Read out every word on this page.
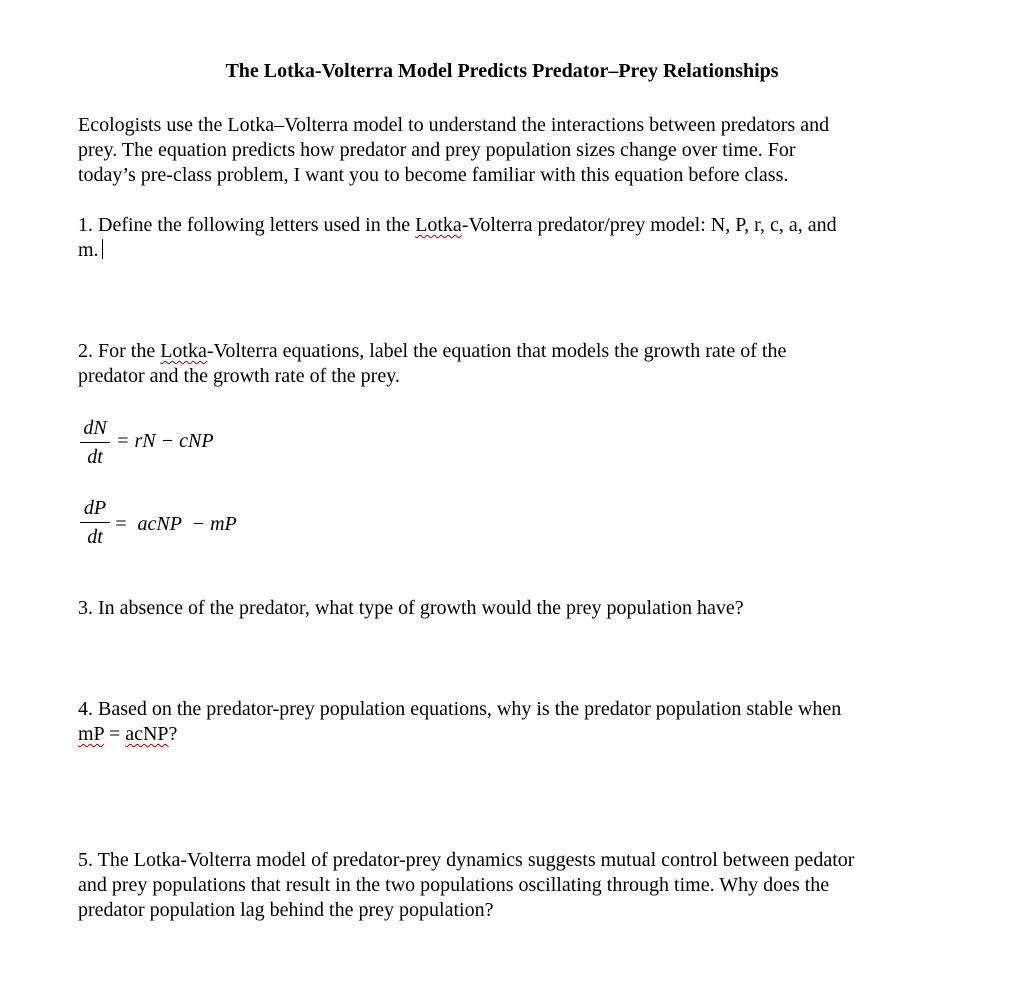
The Lotka-Volterra Model Predicts Predator–Prey Relationships
Ecologists use the Lotka–Volterra model to understand the interactions between predators and
prey. The equation predicts how predator and prey population sizes change over time. For
today’s pre-class problem, I want you to become familiar with this equation before class.
1. Define the following letters used in the Lotka-Volterra predator/prey model: N, P, r, c, a, and
m.
2. For the Lotka-Volterra equations, label the equation that models the growth rate of the
predator and the growth rate of the prey.
dN
dt
= rN − cNP
dP
dt
=  acNP  − mP
3. In absence of the predator, what type of growth would the prey population have?
4. Based on the predator-prey population equations, why is the predator population stable when
mP = acNP?
5. The Lotka-Volterra model of predator-prey dynamics suggests mutual control between pedator
and prey populations that result in the two populations oscillating through time. Why does the
predator population lag behind the prey population?
